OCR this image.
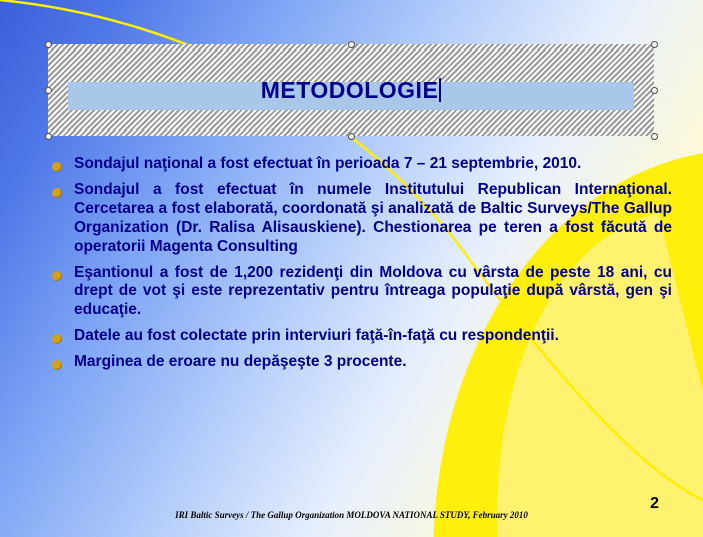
METODOLOGIE
Sondajul naţional a fost efectuat în perioada 7 – 21 septembrie, 2010.
Sondajul a fost efectuat în numele Institutului Republican Internaţional. Cercetarea a fost elaborată, coordonată şi analizată de Baltic Surveys/The Gallup Organization (Dr. Ralisa Alisauskiene). Chestionarea pe teren a fost făcută de operatorii Magenta Consulting
Eşantionul a fost de 1,200 rezidenţi din Moldova cu vârsta de peste 18 ani, cu drept de vot şi este reprezentativ pentru întreaga populaţie după vârstă, gen şi educaţie.
Datele au fost colectate prin interviuri faţă-în-faţă cu respondenţii.
Marginea de eroare nu depăşeşte 3 procente.
IRI Baltic Surveys / The Gallup Organization MOLDOVA NATIONAL STUDY, February 2010
2
